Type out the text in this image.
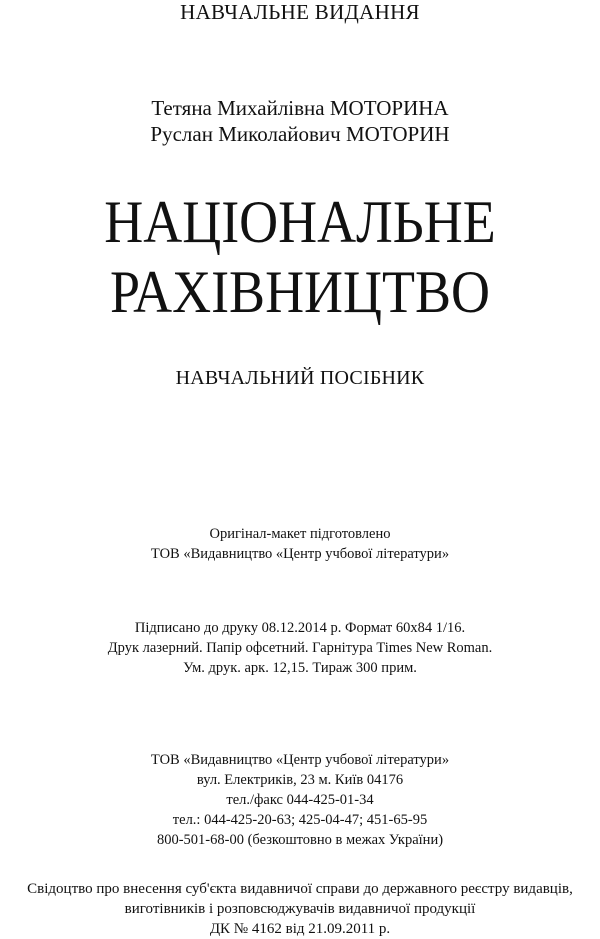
НАВЧАЛЬНЕ ВИДАННЯ
Тетяна Михайлівна МОТОРИНА
Руслан Миколайович МОТОРИН
НАЦІОНАЛЬНЕ
РАХІВНИЦТВО
НАВЧАЛЬНИЙ ПОСІБНИК
Оригінал-макет підготовлено
ТОВ «Видавництво «Центр учбової літератури»
Підписано до друку 08.12.2014 р. Формат 60х84 1/16.
Друк лазерний. Папір офсетний. Гарнітура Times New Roman.
Ум. друк. арк. 12,15. Тираж 300 прим.
ТОВ «Видавництво «Центр учбової літератури»
вул. Електриків, 23 м. Київ 04176
тел./факс 044-425-01-34
тел.: 044-425-20-63; 425-04-47; 451-65-95
800-501-68-00 (безкоштовно в межах України)
Свідоцтво про внесення суб'єкта видавничої справи до державного реєстру видавців,
виготівників і розповсюджувачів видавничої продукції
ДК № 4162 від 21.09.2011 р.
